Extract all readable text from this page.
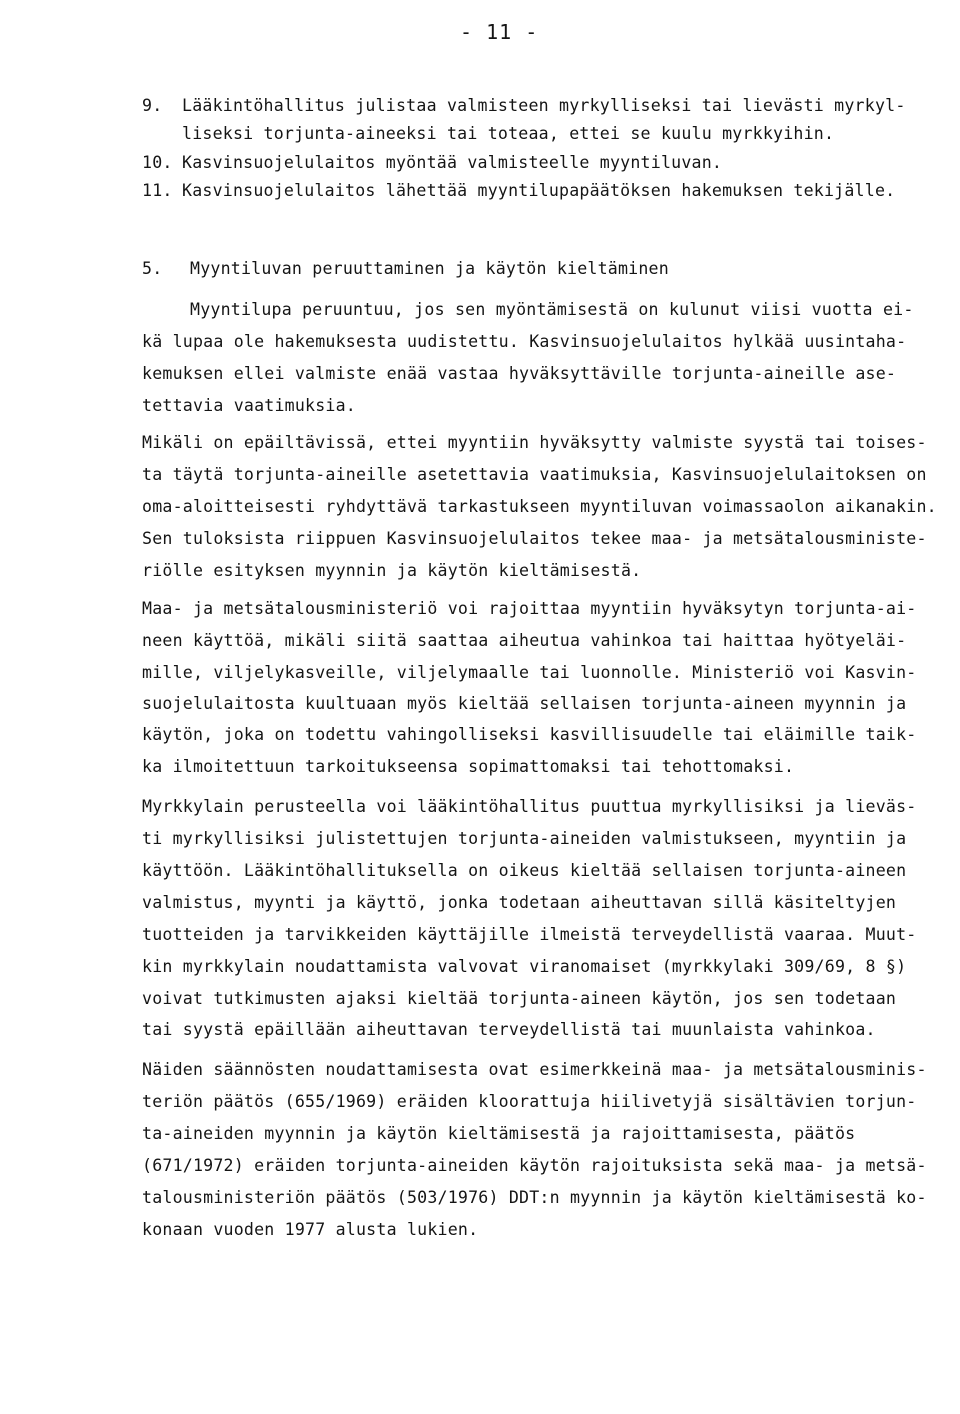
- 11 -
9. Lääkintöhallitus julistaa valmisteen myrkylliseksi tai lievästi myrkyl-
liseksi torjunta-aineeksi tai toteaa, ettei se kuulu myrkkyihin.
10. Kasvinsuojelulaitos myöntää valmisteelle myyntiluvan.
11. Kasvinsuojelulaitos lähettää myyntilupapäätöksen hakemuksen tekijälle.
5. Myyntiluvan peruuttaminen ja käytön kieltäminen
Myyntilupa peruuntuu, jos sen myöntämisestä on kulunut viisi vuotta ei-
kä lupaa ole hakemuksesta uudistettu. Kasvinsuojelulaitos hylkää uusintaha-
kemuksen ellei valmiste enää vastaa hyväksyttäville torjunta-aineille ase-
tettavia vaatimuksia.
Mikäli on epäiltävissä, ettei myyntiin hyväksytty valmiste syystä tai toises-
ta täytä torjunta-aineille asetettavia vaatimuksia, Kasvinsuojelulaitoksen on
oma-aloitteisesti ryhdyttävä tarkastukseen myyntiluvan voimassaolon aikanakin.
Sen tuloksista riippuen Kasvinsuojelulaitos tekee maa- ja metsätalousministe-
riölle esityksen myynnin ja käytön kieltämisestä.
Maa- ja metsätalousministeriö voi rajoittaa myyntiin hyväksytyn torjunta-ai-
neen käyttöä, mikäli siitä saattaa aiheutua vahinkoa tai haittaa hyötyeläi-
mille, viljelykasveille, viljelymaalle tai luonnolle. Ministeriö voi Kasvin-
suojelulaitosta kuultuaan myös kieltää sellaisen torjunta-aineen myynnin ja
käytön, joka on todettu vahingolliseksi kasvillisuudelle tai eläimille taik-
ka ilmoitettuun tarkoitukseensa sopimattomaksi tai tehottomaksi.
Myrkkylain perusteella voi lääkintöhallitus puuttua myrkyllisiksi ja lieväs-
ti myrkyllisiksi julistettujen torjunta-aineiden valmistukseen, myyntiin ja
käyttöön. Lääkintöhallituksella on oikeus kieltää sellaisen torjunta-aineen
valmistus, myynti ja käyttö, jonka todetaan aiheuttavan sillä käsiteltyjen
tuotteiden ja tarvikkeiden käyttäjille ilmeistä terveydellistä vaaraa. Muut-
kin myrkkylain noudattamista valvovat viranomaiset (myrkkylaki 309/69, 8 §)
voivat tutkimusten ajaksi kieltää torjunta-aineen käytön, jos sen todetaan
tai syystä epäillään aiheuttavan terveydellistä tai muunlaista vahinkoa.
Näiden säännösten noudattamisesta ovat esimerkkeinä maa- ja metsätalousminis-
teriön päätös (655/1969) eräiden kloorattuja hiilivetyjä sisältävien torjun-
ta-aineiden myynnin ja käytön kieltämisestä ja rajoittamisesta, päätös
(671/1972) eräiden torjunta-aineiden käytön rajoituksista sekä maa- ja metsä-
talousministeriön päätös (503/1976) DDT:n myynnin ja käytön kieltämisestä ko-
konaan vuoden 1977 alusta lukien.
